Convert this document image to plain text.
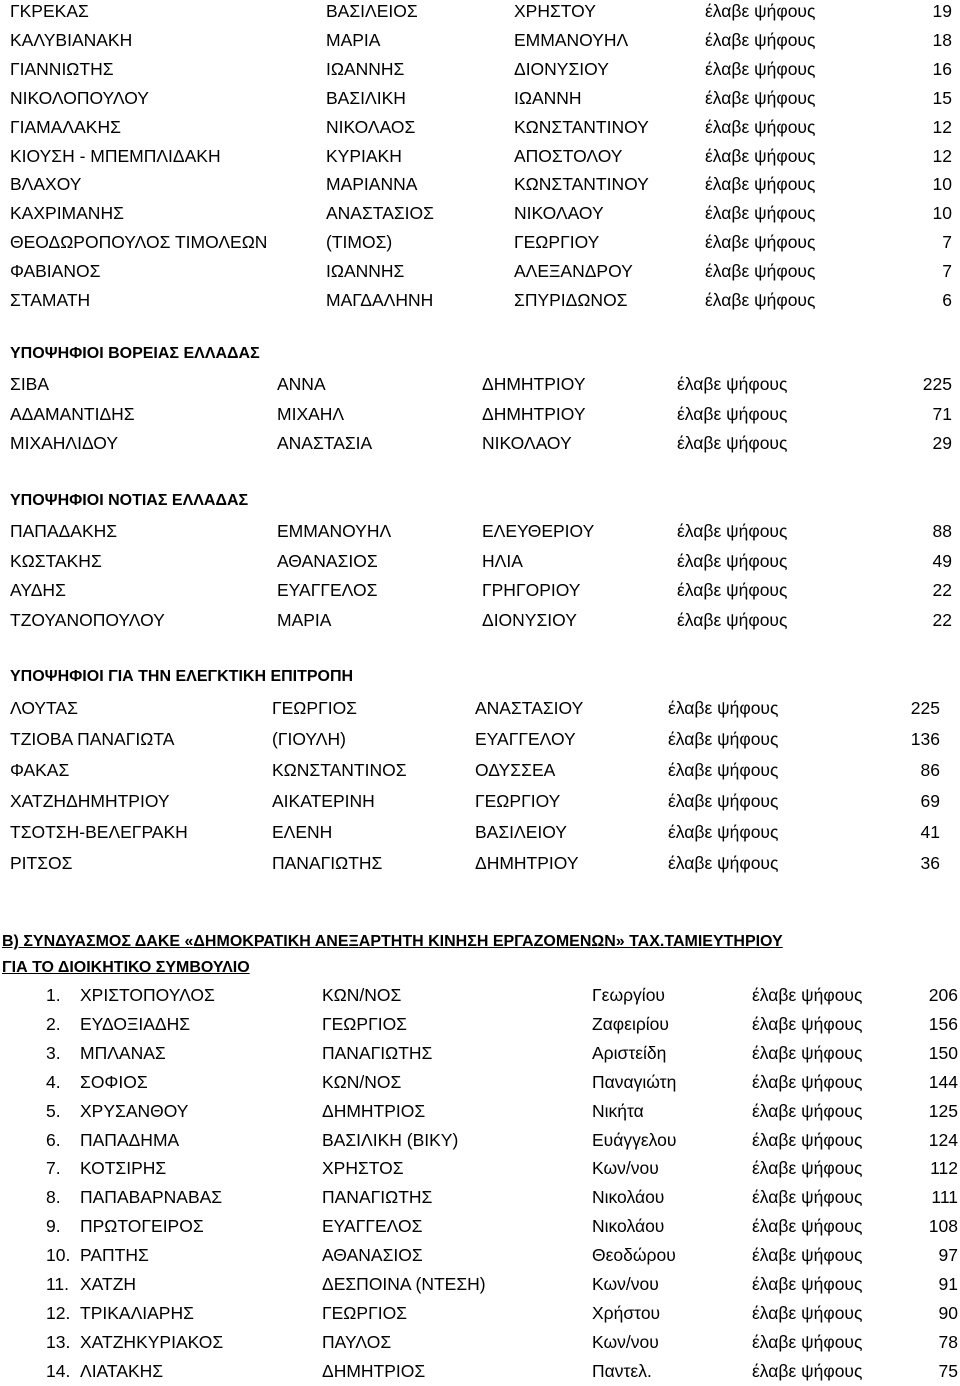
ΓΚΡΕΚΑΣ	ΒΑΣΙΛΕΙΟΣ	ΧΡΗΣΤΟΥ	έλαβε ψήφους	19
ΚΑΛΥΒΙΑΝΑΚΗ	ΜΑΡΙΑ	ΕΜΜΑΝΟΥΗΛ	έλαβε ψήφους	18
ΓΙΑΝΝΙΩΤΗΣ	ΙΩΑΝΝΗΣ	ΔΙΟΝΥΣΙΟΥ	έλαβε ψήφους	16
ΝΙΚΟΛΟΠΟΥΛΟΥ	ΒΑΣΙΛΙΚΗ	ΙΩΑΝΝΗ	έλαβε ψήφους	15
ΓΙΑΜΑΛΑΚΗΣ	ΝΙΚΟΛΑΟΣ	ΚΩΝΣΤΑΝΤΙΝΟΥ	έλαβε ψήφους	12
ΚΙΟΥΣΗ - ΜΠΕΜΠΛΙΔΑΚΗ	ΚΥΡΙΑΚΗ	ΑΠΟΣΤΟΛΟΥ	έλαβε ψήφους	12
ΒΛΑΧΟΥ	ΜΑΡΙΑΝΝΑ	ΚΩΝΣΤΑΝΤΙΝΟΥ	έλαβε ψήφους	10
ΚΑΧΡΙΜΑΝΗΣ	ΑΝΑΣΤΑΣΙΟΣ	ΝΙΚΟΛΑΟΥ	έλαβε ψήφους	10
ΘΕΟΔΩΡΟΠΟΥΛΟΣ ΤΙΜΟΛΕΩΝ	(ΤΙΜΟΣ)	ΓΕΩΡΓΙΟΥ	έλαβε ψήφους	7
ΦΑΒΙΑΝΟΣ	ΙΩΑΝΝΗΣ	ΑΛΕΞΑΝΔΡΟΥ	έλαβε ψήφους	7
ΣΤΑΜΑΤΗ	ΜΑΓΔΑΛΗΝΗ	ΣΠΥΡΙΔΩΝΟΣ	έλαβε ψήφους	6
ΥΠΟΨΗΦΙΟΙ ΒΟΡΕΙΑΣ ΕΛΛΑΔΑΣ
ΣΙΒΑ	ΑΝΝΑ	ΔΗΜΗΤΡΙΟΥ	έλαβε ψήφους	225
ΑΔΑΜΑΝΤΙΔΗΣ	ΜΙΧΑΗΛ	ΔΗΜΗΤΡΙΟΥ	έλαβε ψήφους	71
ΜΙΧΑΗΛΙΔΟΥ	ΑΝΑΣΤΑΣΙΑ	ΝΙΚΟΛΑΟΥ	έλαβε ψήφους	29
ΥΠΟΨΗΦΙΟΙ ΝΟΤΙΑΣ ΕΛΛΑΔΑΣ
ΠΑΠΑΔΑΚΗΣ	ΕΜΜΑΝΟΥΗΛ	ΕΛΕΥΘΕΡΙΟΥ	έλαβε ψήφους	88
ΚΩΣΤΑΚΗΣ	ΑΘΑΝΑΣΙΟΣ	ΗΛΙΑ	έλαβε ψήφους	49
ΑΥΔΗΣ	ΕΥΑΓΓΕΛΟΣ	ΓΡΗΓΟΡΙΟΥ	έλαβε ψήφους	22
ΤΖΟΥΑΝΟΠΟΥΛΟΥ	ΜΑΡΙΑ	ΔΙΟΝΥΣΙΟΥ	έλαβε ψήφους	22
ΥΠΟΨΗΦΙΟΙ ΓΙΑ ΤΗΝ ΕΛΕΓΚΤΙΚΗ ΕΠΙΤΡΟΠΗ
ΛΟΥΤΑΣ	ΓΕΩΡΓΙΟΣ	ΑΝΑΣΤΑΣΙΟΥ	έλαβε ψήφους	225
ΤΖΙΟΒΑ ΠΑΝΑΓΙΩΤΑ	(ΓΙΟΥΛΗ)	ΕΥΑΓΓΕΛΟΥ	έλαβε ψήφους	136
ΦΑΚΑΣ	ΚΩΝΣΤΑΝΤΙΝΟΣ	ΟΔΥΣΣΕΑ	έλαβε ψήφους	86
ΧΑΤΖΗΔΗΜΗΤΡΙΟΥ	ΑΙΚΑΤΕΡΙΝΗ	ΓΕΩΡΓΙΟΥ	έλαβε ψήφους	69
ΤΣΟΤΣΗ-ΒΕΛΕΓΡΑΚΗ	ΕΛΕΝΗ	ΒΑΣΙΛΕΙΟΥ	έλαβε ψήφους	41
ΡΙΤΣΟΣ	ΠΑΝΑΓΙΩΤΗΣ	ΔΗΜΗΤΡΙΟΥ	έλαβε ψήφους	36
Β) ΣΥΝΔΥΑΣΜΟΣ ΔΑΚΕ «ΔΗΜΟΚΡΑΤΙΚΗ ΑΝΕΞΑΡΤΗΤΗ ΚΙΝΗΣΗ ΕΡΓΑΖΟΜΕΝΩΝ» ΤΑΧ.ΤΑΜΙΕΥΤΗΡΙΟΥ
ΓΙΑ ΤΟ ΔΙΟΙΚΗΤΙΚΟ ΣΥΜΒΟΥΛΙΟ
1. ΧΡΙΣΤΟΠΟΥΛΟΣ	ΚΩΝ/ΝΟΣ	Γεωργίου	έλαβε ψήφους	206
2. ΕΥΔΟΞΙΑΔΗΣ	ΓΕΩΡΓΙΟΣ	Ζαφειρίου	έλαβε ψήφους	156
3. ΜΠΛΑΝΑΣ	ΠΑΝΑΓΙΩΤΗΣ	Αριστείδη	έλαβε ψήφους	150
4. ΣΟΦΙΟΣ	ΚΩΝ/ΝΟΣ	Παναγιώτη	έλαβε ψήφους	144
5. ΧΡΥΣΑΝΘΟΥ	ΔΗΜΗΤΡΙΟΣ	Νικήτα	έλαβε ψήφους	125
6. ΠΑΠΑΔΗΜΑ	ΒΑΣΙΛΙΚΗ (ΒΙΚΥ)	Ευάγγελου	έλαβε ψήφους	124
7. ΚΟΤΣΙΡΗΣ	ΧΡΗΣΤΟΣ	Κων/νου	έλαβε ψήφους	112
8. ΠΑΠΑΒΑΡΝΑΒΑΣ	ΠΑΝΑΓΙΩΤΗΣ	Νικολάου	έλαβε ψήφους	111
9. ΠΡΩΤΟΓΕΙΡΟΣ	ΕΥΑΓΓΕΛΟΣ	Νικολάου	έλαβε ψήφους	108
10. ΡΑΠΤΗΣ	ΑΘΑΝΑΣΙΟΣ	Θεοδώρου	έλαβε ψήφους	97
11. ΧΑΤΖΗ	ΔΕΣΠΟΙΝΑ (ΝΤΕΣΗ)	Κων/νου	έλαβε ψήφους	91
12. ΤΡΙΚΑΛΙΑΡΗΣ	ΓΕΩΡΓΙΟΣ	Χρήστου	έλαβε ψήφους	90
13. ΧΑΤΖΗΚΥΡΙΑΚΟΣ	ΠΑΥΛΟΣ	Κων/νου	έλαβε ψήφους	78
14. ΛΙΑΤΑΚΗΣ	ΔΗΜΗΤΡΙΟΣ	Παντελ.	έλαβε ψήφους	75
